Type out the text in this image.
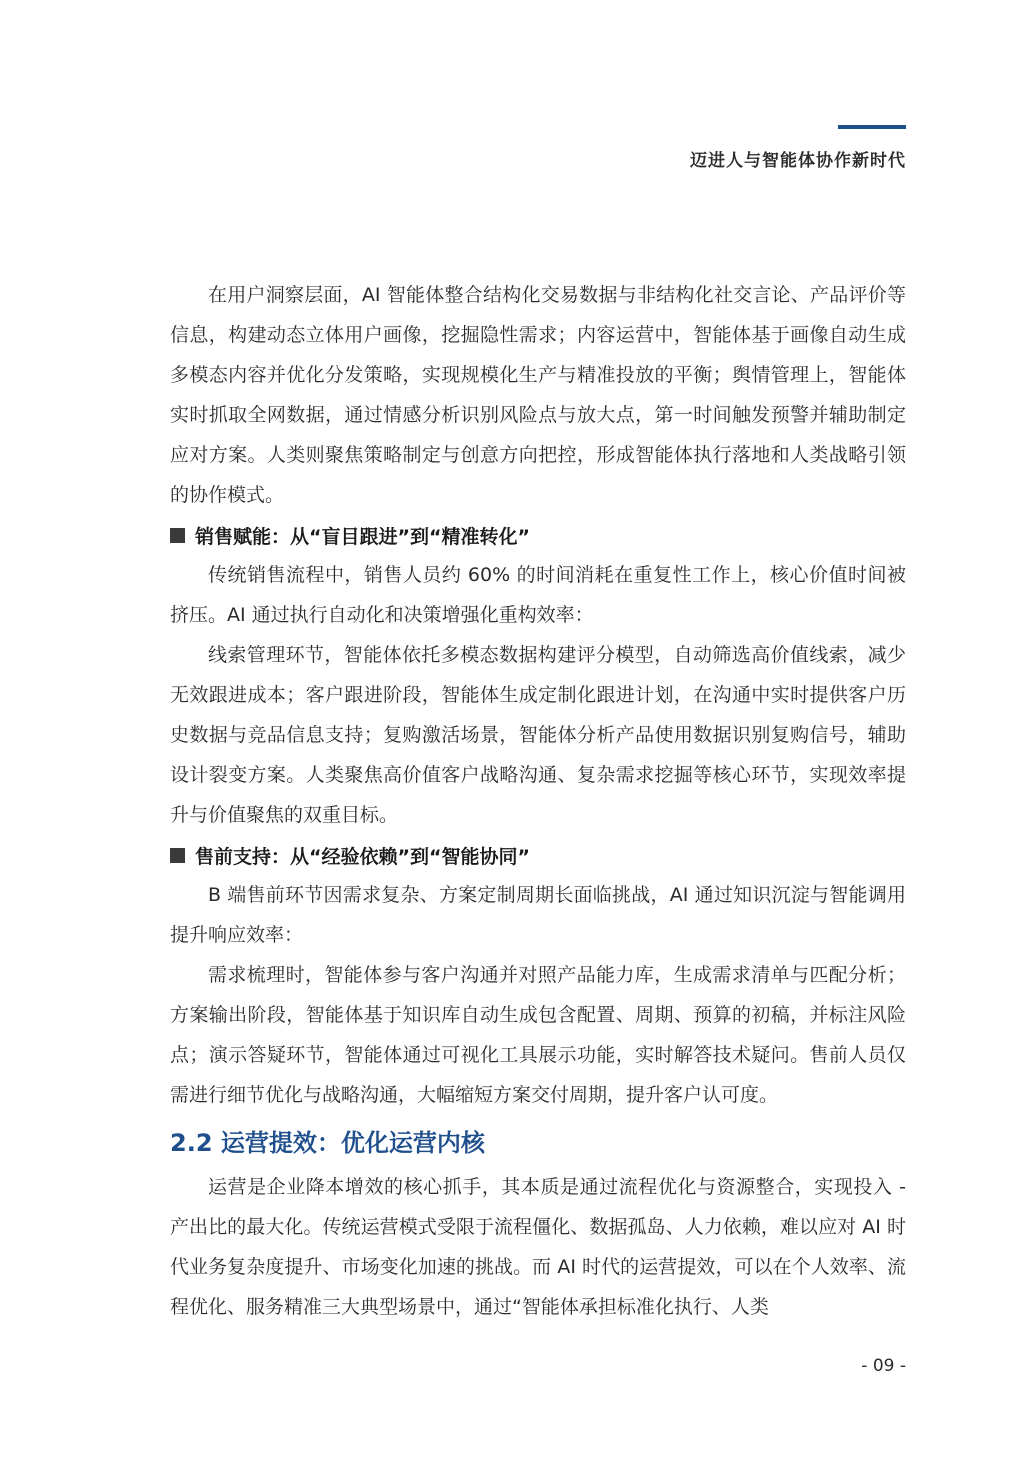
迈进人与智能体协作新时代

在用户洞察层面，AI 智能体整合结构化交易数据与非结构化社交言论、产品评价等信息，构建动态立体用户画像，挖掘隐性需求；内容运营中，智能体基于画像自动生成多模态内容并优化分发策略，实现规模化生产与精准投放的平衡；舆情管理上，智能体实时抓取全网数据，通过情感分析识别风险点与放大点，第一时间触发预警并辅助制定应对方案。人类则聚焦策略制定与创意方向把控，形成智能体执行落地和人类战略引领的协作模式。

销售赋能：从“盲目跟进”到“精准转化”

传统销售流程中，销售人员约 60% 的时间消耗在重复性工作上，核心价值时间被挤压。AI 通过执行自动化和决策增强化重构效率：

线索管理环节，智能体依托多模态数据构建评分模型，自动筛选高价值线索，减少无效跟进成本；客户跟进阶段，智能体生成定制化跟进计划，在沟通中实时提供客户历史数据与竞品信息支持；复购激活场景，智能体分析产品使用数据识别复购信号，辅助设计裂变方案。人类聚焦高价值客户战略沟通、复杂需求挖掘等核心环节，实现效率提升与价值聚焦的双重目标。

售前支持：从“经验依赖”到“智能协同”

B 端售前环节因需求复杂、方案定制周期长面临挑战，AI 通过知识沉淀与智能调用提升响应效率：

需求梳理时，智能体参与客户沟通并对照产品能力库，生成需求清单与匹配分析；方案输出阶段，智能体基于知识库自动生成包含配置、周期、预算的初稿，并标注风险点；演示答疑环节，智能体通过可视化工具展示功能，实时解答技术疑问。售前人员仅需进行细节优化与战略沟通，大幅缩短方案交付周期，提升客户认可度。

2.2 运营提效：优化运营内核

运营是企业降本增效的核心抓手，其本质是通过流程优化与资源整合，实现投入 - 产出比的最大化。传统运营模式受限于流程僵化、数据孤岛、人力依赖，难以应对 AI 时代业务复杂度提升、市场变化加速的挑战。而 AI 时代的运营提效，可以在个人效率、流程优化、服务精准三大典型场景中，通过“智能体承担标准化执行、人类

- 09 -
